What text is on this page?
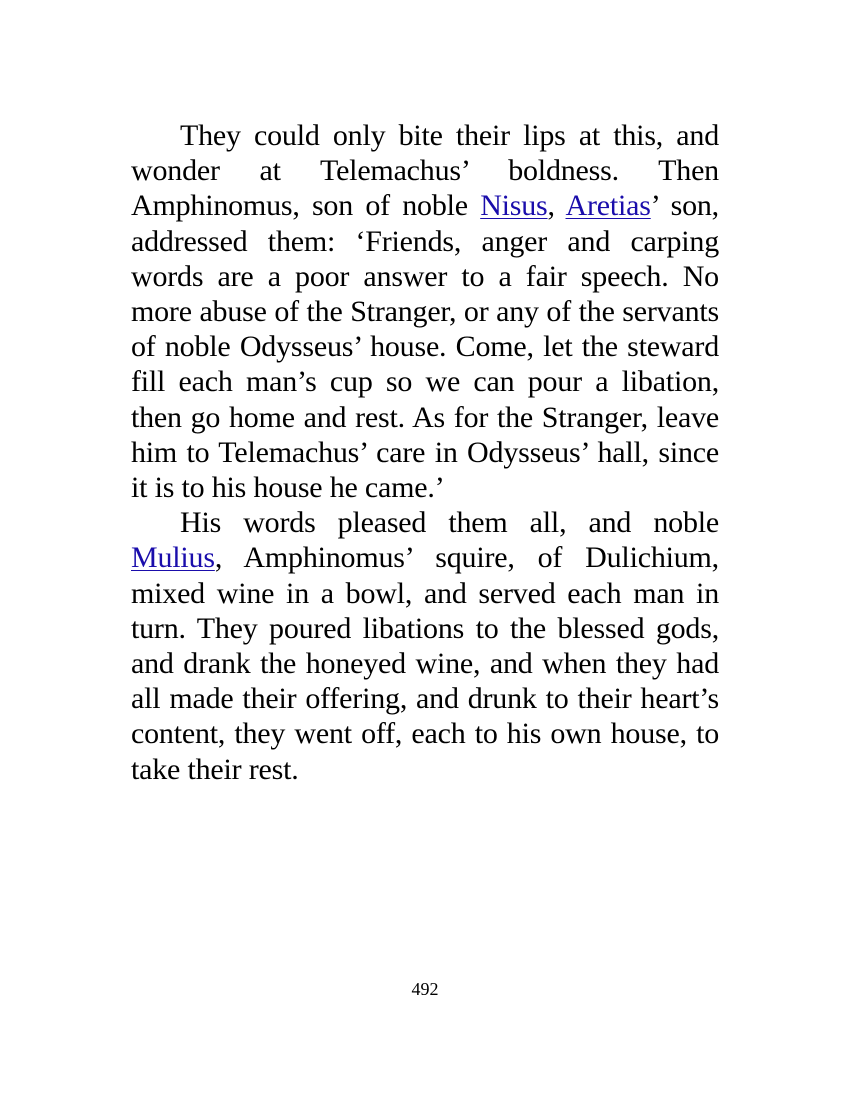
They could only bite their lips at this, and wonder at Telemachus’ boldness. Then Amphinomus, son of noble Nisus, Aretias’ son, addressed them: ‘Friends, anger and carping words are a poor answer to a fair speech. No more abuse of the Stranger, or any of the servants of noble Odysseus’ house. Come, let the steward fill each man’s cup so we can pour a libation, then go home and rest. As for the Stranger, leave him to Telemachus’ care in Odysseus’ hall, since it is to his house he came.’

His words pleased them all, and noble Mulius, Amphinomus’ squire, of Dulichium, mixed wine in a bowl, and served each man in turn. They poured libations to the blessed gods, and drank the honeyed wine, and when they had all made their offering, and drunk to their heart’s content, they went off, each to his own house, to take their rest.

492
